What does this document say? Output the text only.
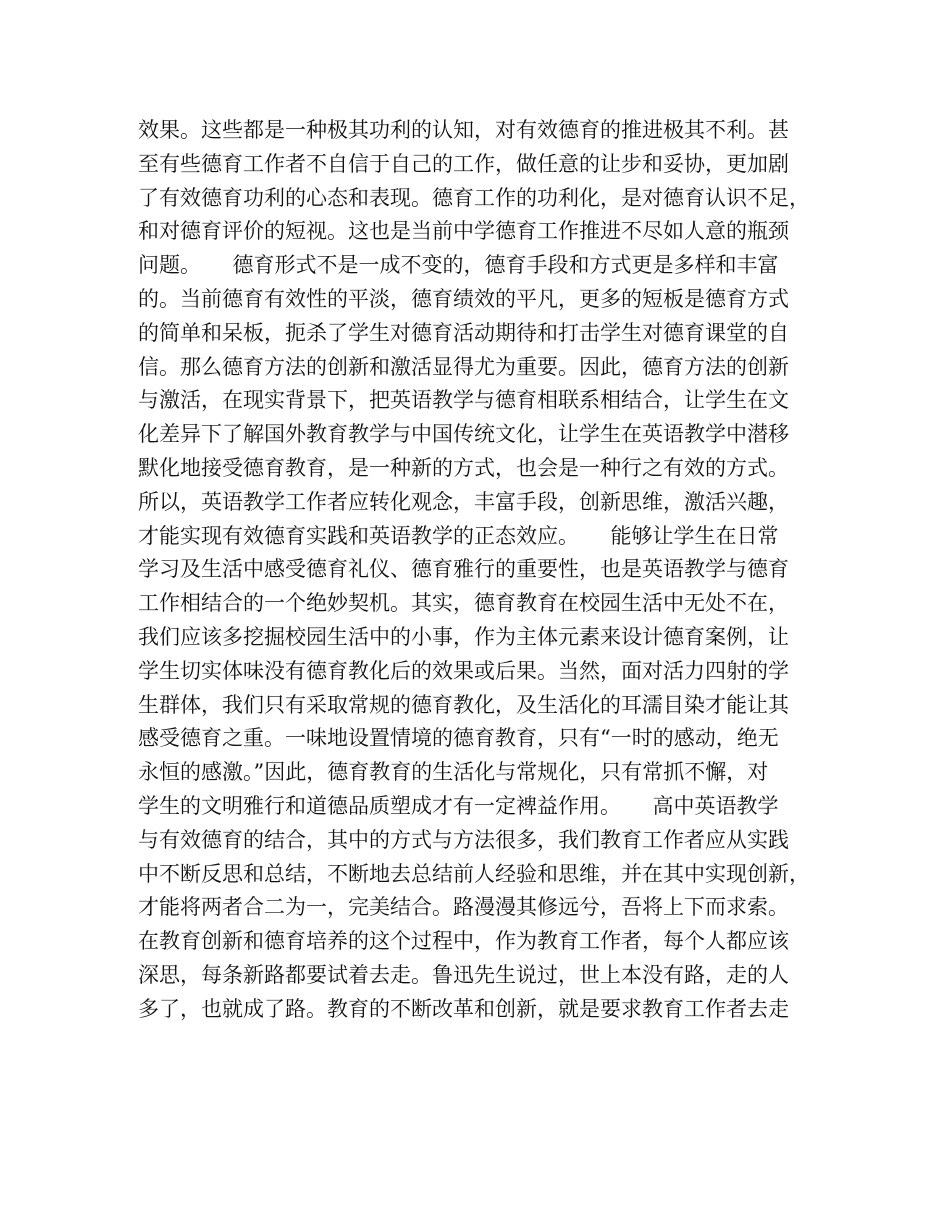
效果。这些都是一种极其功利的认知，对有效德育的推进极其不利。甚
至有些德育工作者不自信于自己的工作，做任意的让步和妥协，更加剧
了有效德育功利的心态和表现。德育工作的功利化，是对德育认识不足，
和对德育评价的短视。这也是当前中学德育工作推进不尽如人意的瓶颈
问题。　　德育形式不是一成不变的，德育手段和方式更是多样和丰富
的。当前德育有效性的平淡，德育绩效的平凡，更多的短板是德育方式
的简单和呆板，扼杀了学生对德育活动期待和打击学生对德育课堂的自
信。那么德育方法的创新和激活显得尤为重要。因此，德育方法的创新
与激活，在现实背景下，把英语教学与德育相联系相结合，让学生在文
化差异下了解国外教育教学与中国传统文化，让学生在英语教学中潜移
默化地接受德育教育，是一种新的方式，也会是一种行之有效的方式。
所以，英语教学工作者应转化观念，丰富手段，创新思维，激活兴趣，
才能实现有效德育实践和英语教学的正态效应。　　能够让学生在日常
学习及生活中感受德育礼仪、德育雅行的重要性，也是英语教学与德育
工作相结合的一个绝妙契机。其实，德育教育在校园生活中无处不在，
我们应该多挖掘校园生活中的小事，作为主体元素来设计德育案例，让
学生切实体味没有德育教化后的效果或后果。当然，面对活力四射的学
生群体，我们只有采取常规的德育教化，及生活化的耳濡目染才能让其
感受德育之重。一味地设置情境的德育教育，只有“一时的感动，绝无
永恒的感激。”因此，德育教育的生活化与常规化，只有常抓不懈，对
学生的文明雅行和道德品质塑成才有一定裨益作用。　　高中英语教学
与有效德育的结合，其中的方式与方法很多，我们教育工作者应从实践
中不断反思和总结，不断地去总结前人经验和思维，并在其中实现创新，
才能将两者合二为一，完美结合。路漫漫其修远兮，吾将上下而求索。
在教育创新和德育培养的这个过程中，作为教育工作者，每个人都应该
深思，每条新路都要试着去走。鲁迅先生说过，世上本没有路，走的人
多了，也就成了路。教育的不断改革和创新，就是要求教育工作者去走
